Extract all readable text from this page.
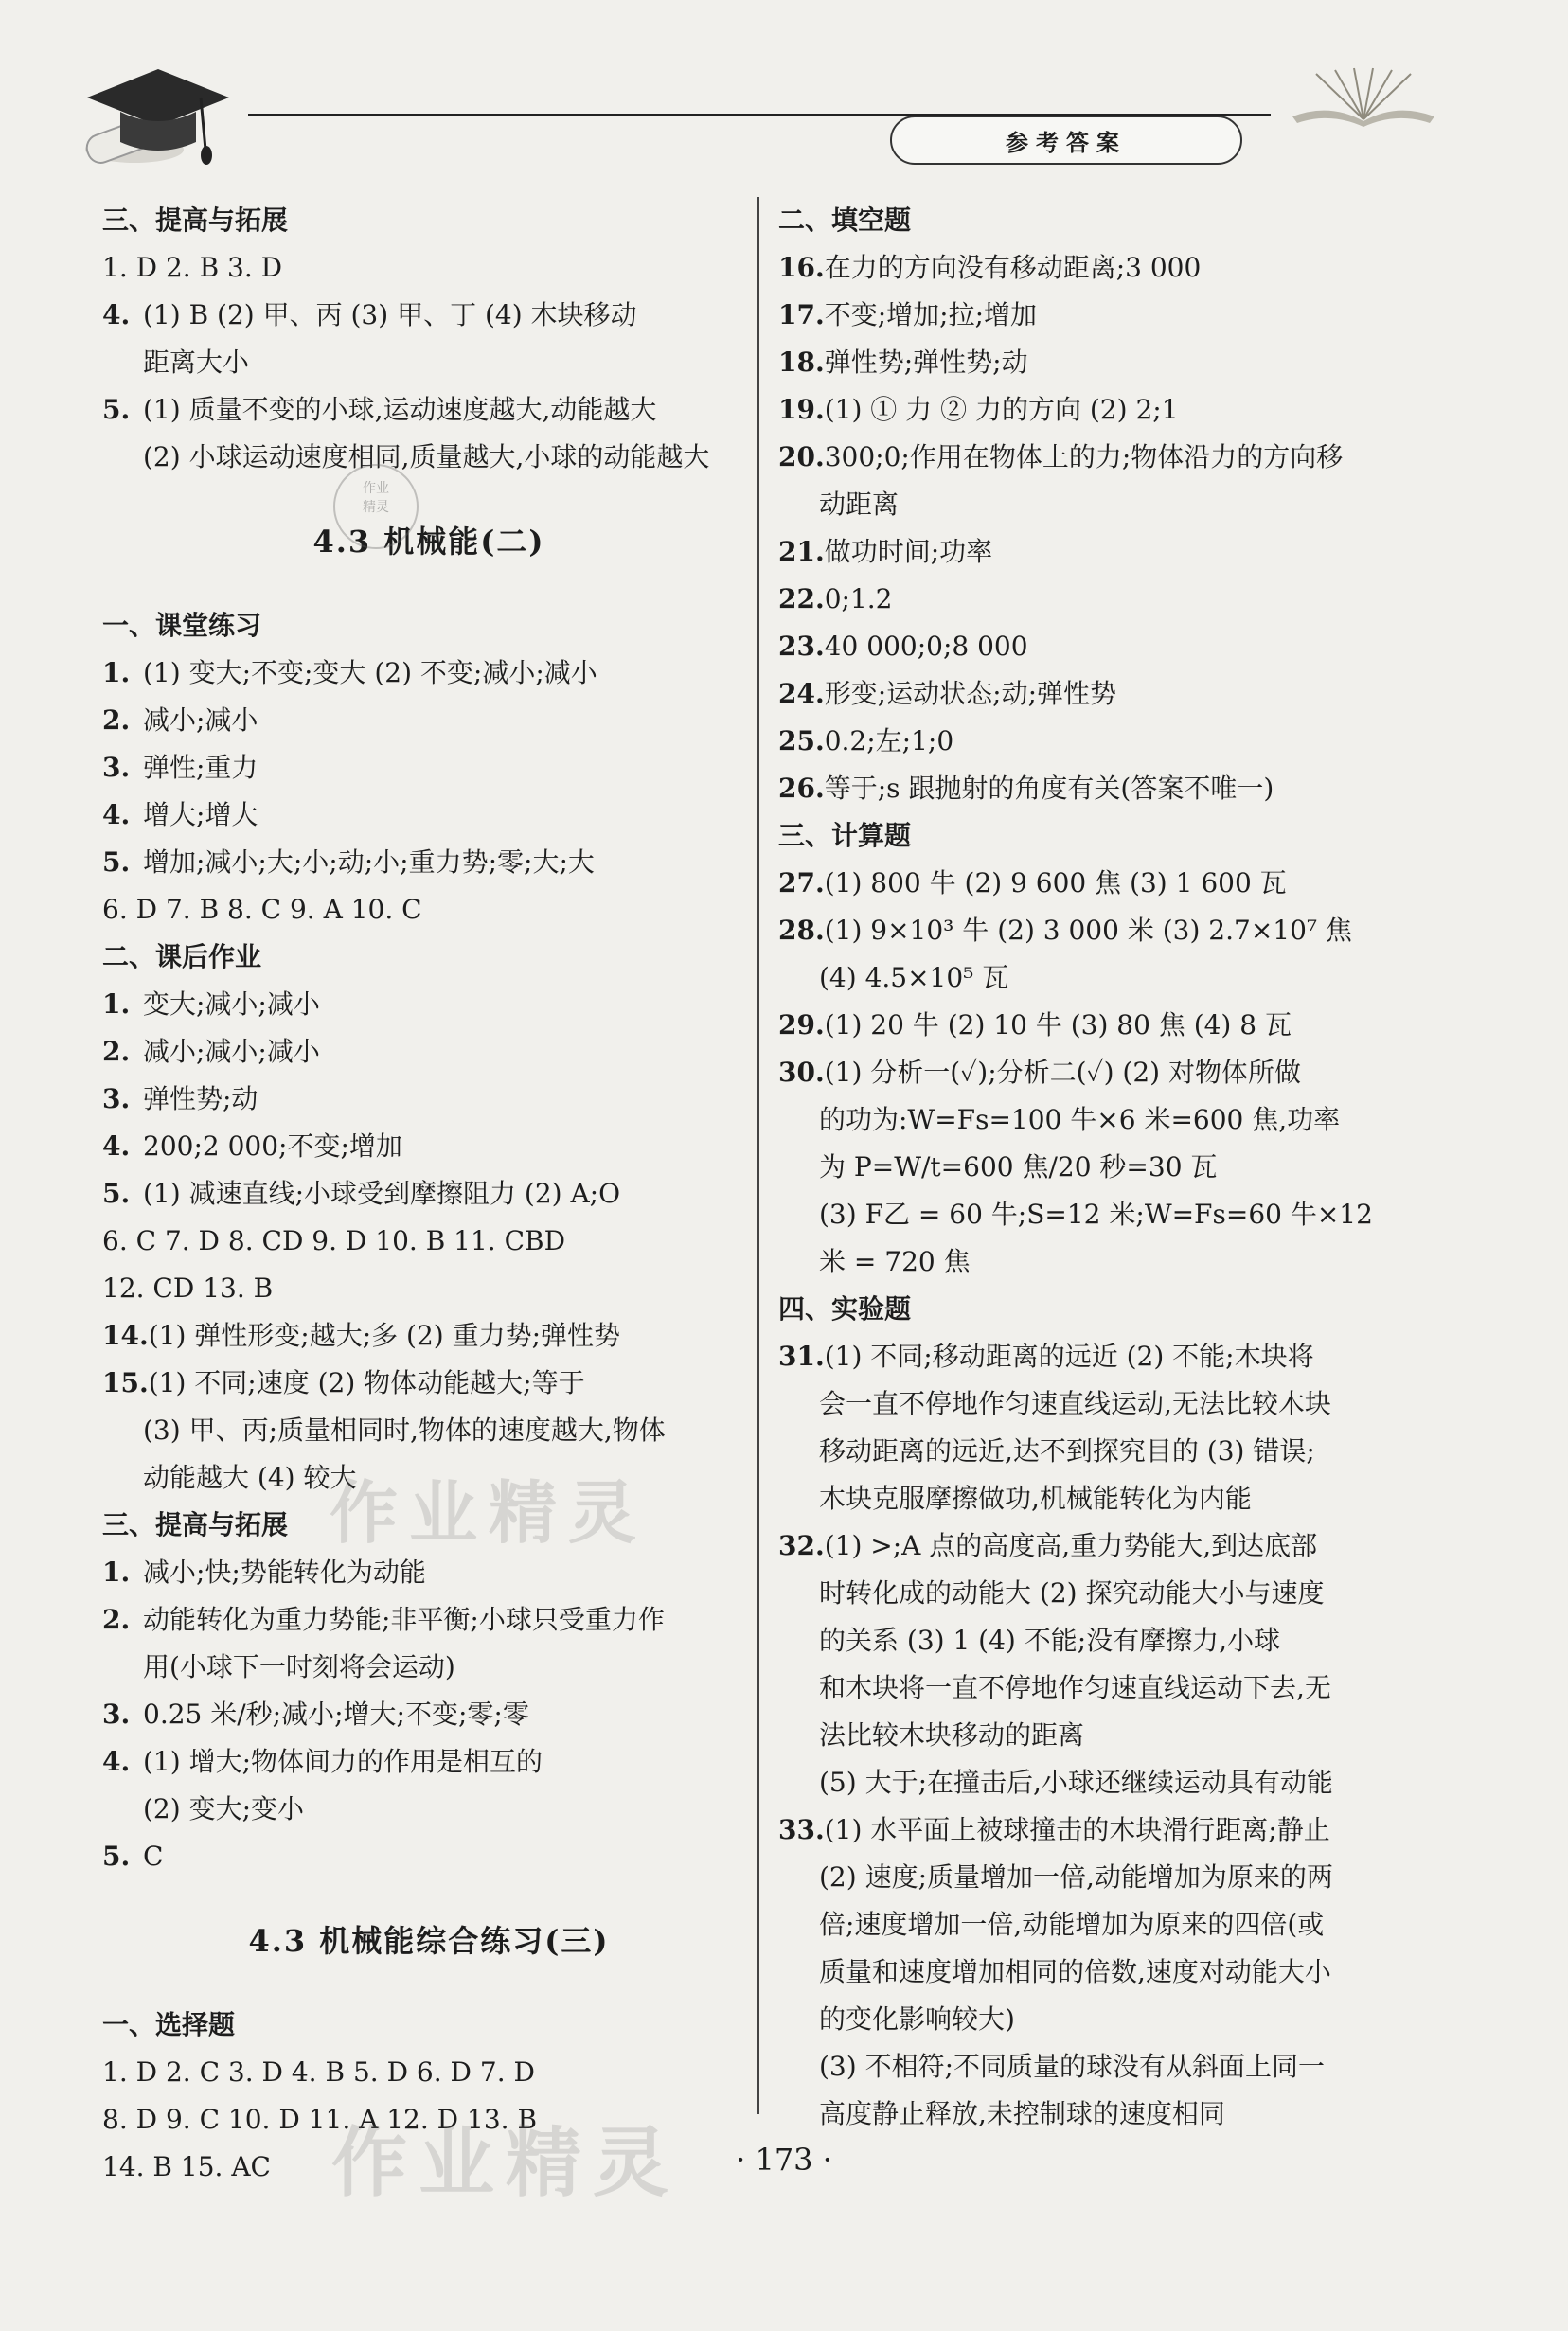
参考答案
三、提高与拓展
1. D 2. B 3. D
4. (1) B (2) 甲、丙 (3) 甲、丁 (4) 木块移动
距离大小
5. (1) 质量不变的小球,运动速度越大,动能越大
(2) 小球运动速度相同,质量越大,小球的动能越大
4.3 机械能(二)
一、课堂练习
1. (1) 变大;不变;变大 (2) 不变;减小;减小
2. 减小;减小
3. 弹性;重力
4. 增大;增大
5. 增加;减小;大;小;动;小;重力势;零;大;大
6. D 7. B 8. C 9. A 10. C
二、课后作业
1. 变大;减小;减小
2. 减小;减小;减小
3. 弹性势;动
4. 200;2 000;不变;增加
5. (1) 减速直线;小球受到摩擦阻力 (2) A;O
6. C 7. D 8. CD 9. D 10. B 11. CBD
12. CD 13. B
14.(1) 弹性形变;越大;多 (2) 重力势;弹性势
15.(1) 不同;速度 (2) 物体动能越大;等于
(3) 甲、丙;质量相同时,物体的速度越大,物体
动能越大 (4) 较大
三、提高与拓展
1. 减小;快;势能转化为动能
2. 动能转化为重力势能;非平衡;小球只受重力作
用(小球下一时刻将会运动)
3. 0.25 米/秒;减小;增大;不变;零;零
4. (1) 增大;物体间力的作用是相互的
(2) 变大;变小
5. C
4.3 机械能综合练习(三)
一、选择题
1. D 2. C 3. D 4. B 5. D 6. D 7. D
8. D 9. C 10. D 11. A 12. D 13. B
14. B 15. AC
二、填空题
16.在力的方向没有移动距离;3 000
17.不变;增加;拉;增加
18.弹性势;弹性势;动
19.(1) ① 力 ② 力的方向 (2) 2;1
20.300;0;作用在物体上的力;物体沿力的方向移
动距离
21.做功时间;功率
22.0;1.2
23.40 000;0;8 000
24.形变;运动状态;动;弹性势
25.0.2;左;1;0
26.等于;s 跟抛射的角度有关(答案不唯一)
三、计算题
27.(1) 800 牛 (2) 9 600 焦 (3) 1 600 瓦
28.(1) 9×10³ 牛 (2) 3 000 米 (3) 2.7×10⁷ 焦
(4) 4.5×10⁵ 瓦
29.(1) 20 牛 (2) 10 牛 (3) 80 焦 (4) 8 瓦
30.(1) 分析一(✓);分析二(✓) (2) 对物体所做
的功为:W=Fs=100 牛×6 米=600 焦,功率
为 P=W/t=600 焦/20 秒=30 瓦
(3) F乙 = 60 牛;S=12 米;W=Fs=60 牛×12
米 = 720 焦
四、实验题
31.(1) 不同;移动距离的远近 (2) 不能;木块将
会一直不停地作匀速直线运动,无法比较木块
移动距离的远近,达不到探究目的 (3) 错误;
木块克服摩擦做功,机械能转化为内能
32.(1) >;A 点的高度高,重力势能大,到达底部
时转化成的动能大 (2) 探究动能大小与速度
的关系 (3) 1 (4) 不能;没有摩擦力,小球
和木块将一直不停地作匀速直线运动下去,无
法比较木块移动的距离
(5) 大于;在撞击后,小球还继续运动具有动能
33.(1) 水平面上被球撞击的木块滑行距离;静止
(2) 速度;质量增加一倍,动能增加为原来的两
倍;速度增加一倍,动能增加为原来的四倍(或
质量和速度增加相同的倍数,速度对动能大小
的变化影响较大)
(3) 不相符;不同质量的球没有从斜面上同一
高度静止释放,未控制球的速度相同
作业
精灵
作业精灵
作业精灵	· 173 ·
